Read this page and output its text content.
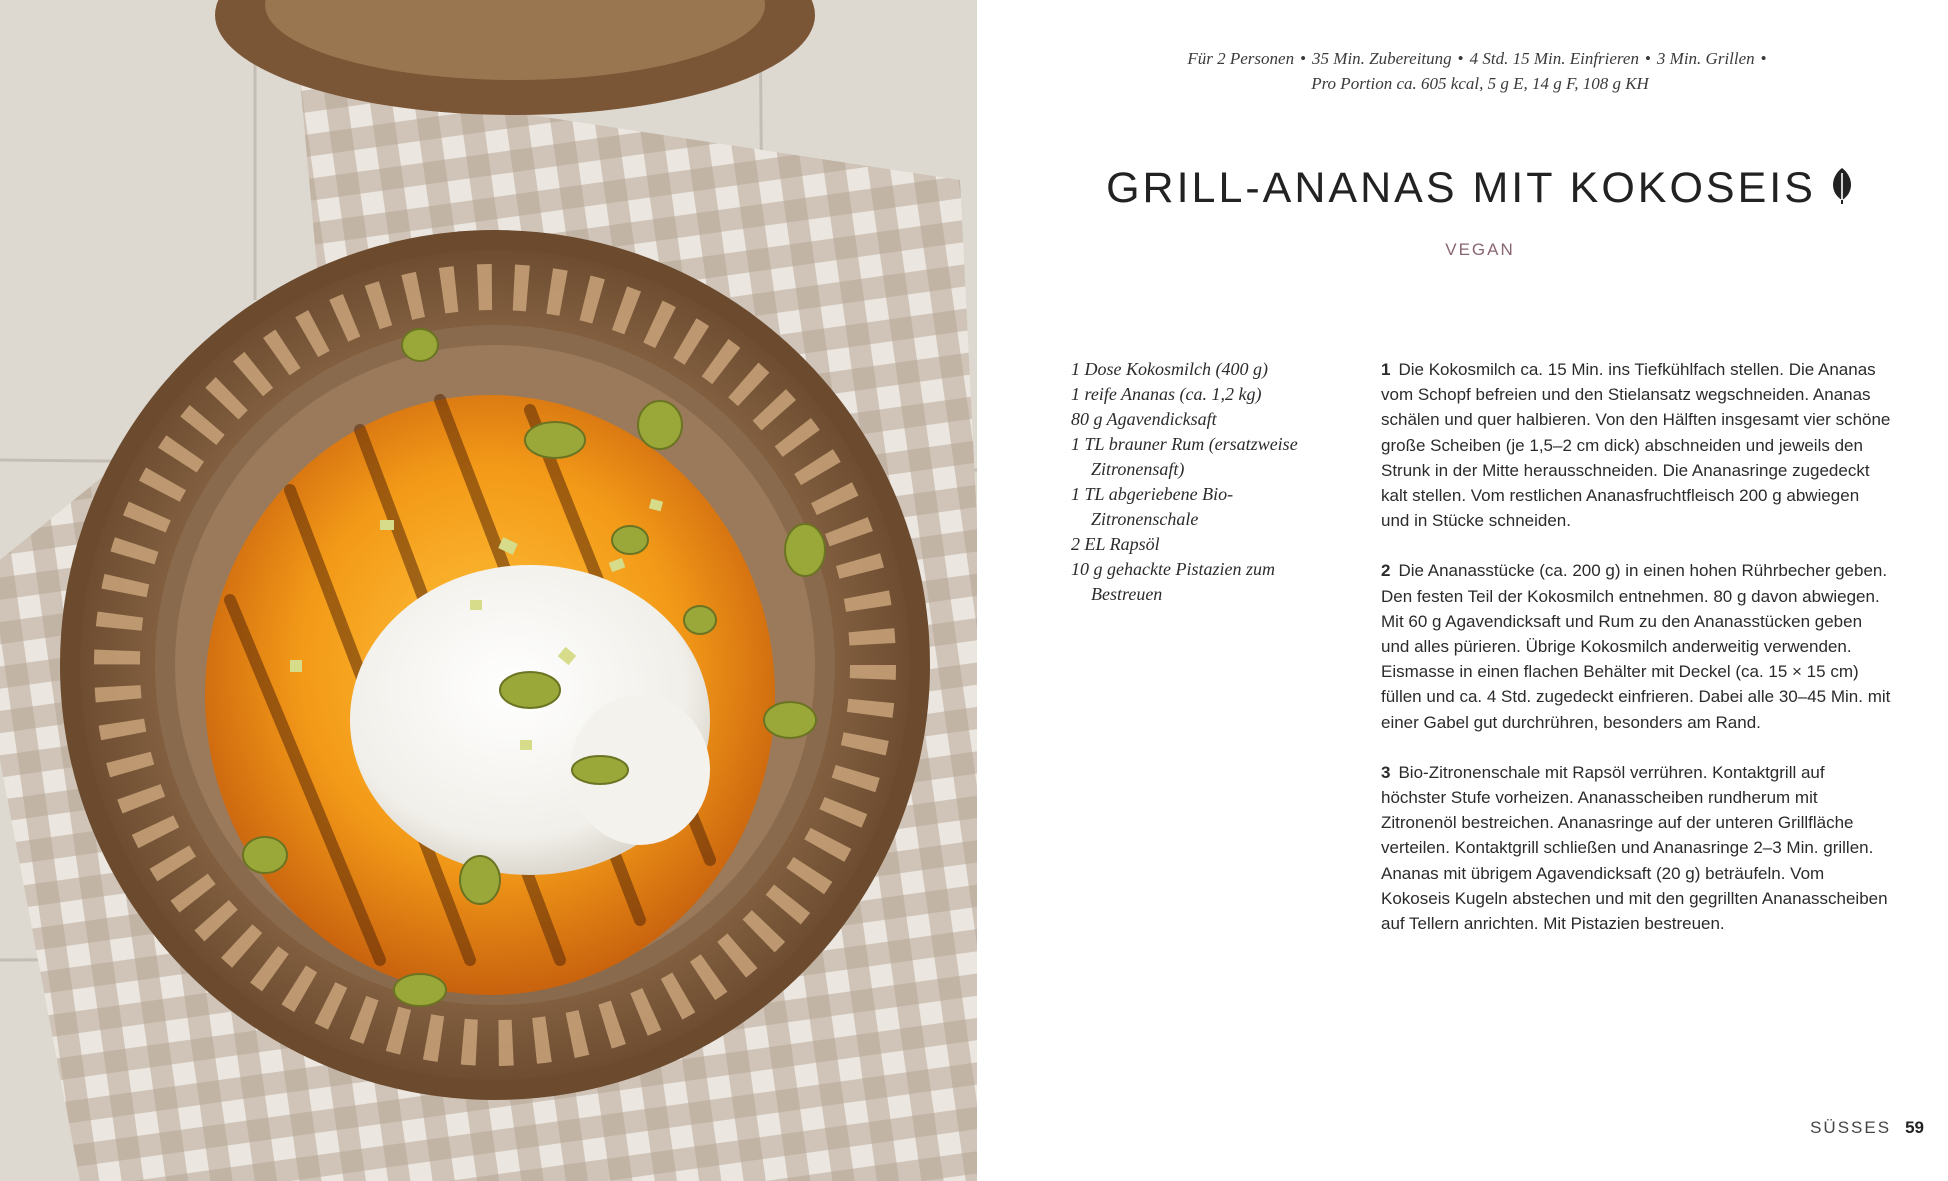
Für 2 Personen • 35 Min. Zubereitung • 4 Std. 15 Min. Einfrieren • 3 Min. Grillen •
Pro Portion ca. 605 kcal, 5 g E, 14 g F, 108 g KH
GRILL-ANANAS MIT KOKOSEIS
VEGAN
1 Dose Kokosmilch (400 g)
1 reife Ananas (ca. 1,2 kg)
80 g Agavendicksaft
1 TL brauner Rum (ersatzweise Zitronensaft)
1 TL abgeriebene Bio-Zitronenschale
2 EL Rapsöl
10 g gehackte Pistazien zum Bestreuen

1 Die Kokosmilch ca. 15 Min. ins Tiefkühlfach stellen. Die Ananas vom Schopf befreien und den Stielansatz wegschneiden. Ananas schälen und quer halbieren. Von den Hälften insgesamt vier schöne große Scheiben (je 1,5–2 cm dick) abschneiden und jeweils den Strunk in der Mitte herausschneiden. Die Ananasringe zugedeckt kalt stellen. Vom restlichen Ananasfruchtfleisch 200 g abwiegen und in Stücke schneiden.

2 Die Ananasstücke (ca. 200 g) in einen hohen Rührbecher geben. Den festen Teil der Kokosmilch entnehmen. 80 g davon abwiegen. Mit 60 g Agavendicksaft und Rum zu den Ananasstücken geben und alles pürieren. Übrige Kokosmilch anderweitig verwenden. Eismasse in einen flachen Behälter mit Deckel (ca. 15 × 15 cm) füllen und ca. 4 Std. zugedeckt einfrieren. Dabei alle 30–45 Min. mit einer Gabel gut durchrühren, besonders am Rand.

3 Bio-Zitronenschale mit Rapsöl verrühren. Kontaktgrill auf höchster Stufe vorheizen. Ananasscheiben rundherum mit Zitronenöl bestreichen. Ananasringe auf der unteren Grillfläche verteilen. Kontaktgrill schließen und Ananasringe 2–3 Min. grillen. Ananas mit übrigem Agavendicksaft (20 g) beträufeln. Vom Kokoseis Kugeln abstechen und mit den gegrillten Ananasscheiben auf Tellern anrichten. Mit Pistazien bestreuen.

SÜSSES 59
